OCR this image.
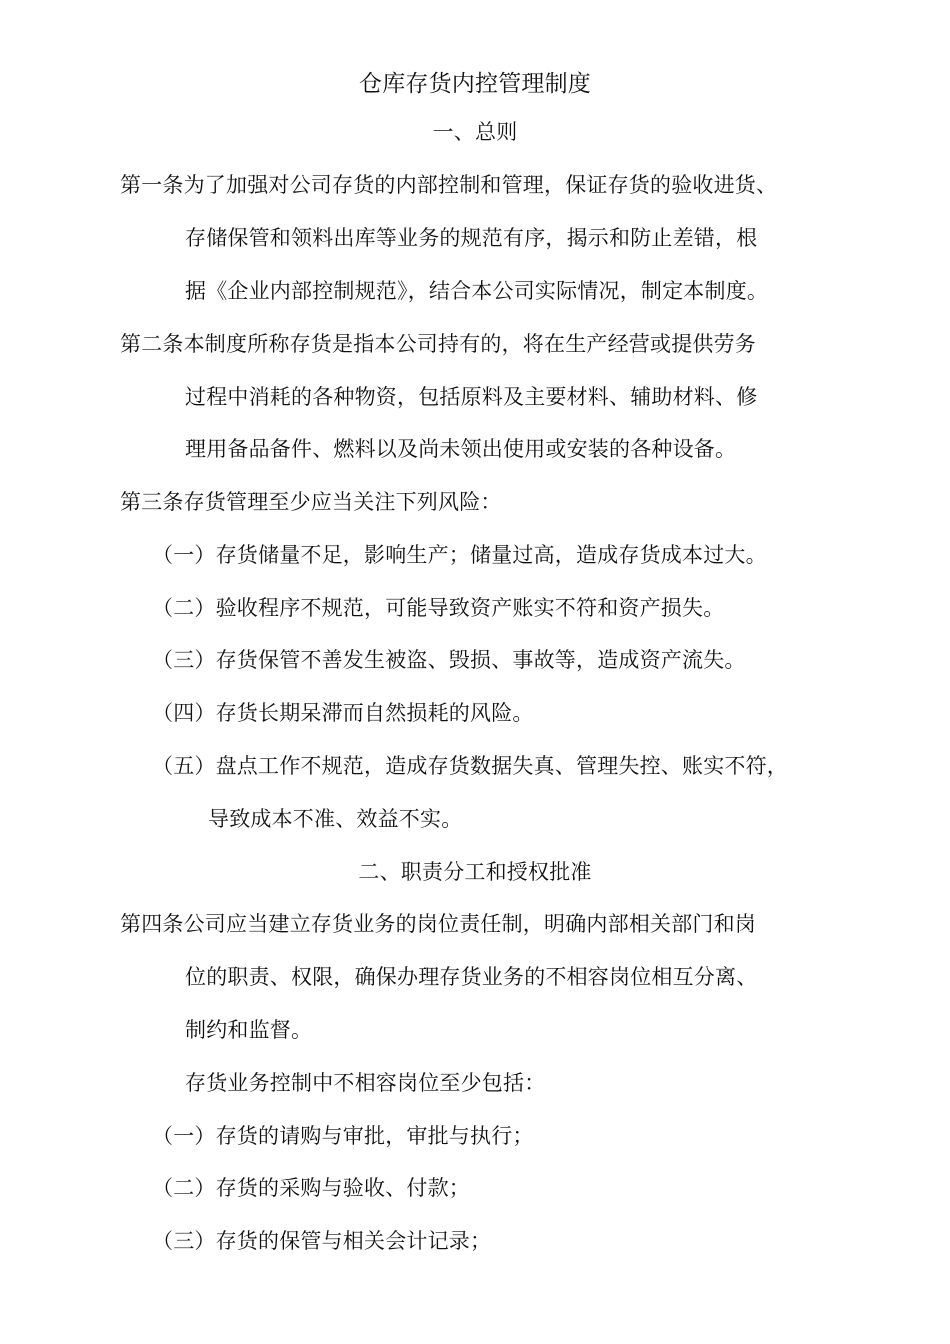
仓库存货内控管理制度
一、总则
第一条为了加强对公司存货的内部控制和管理，保证存货的验收进货、
存储保管和领料出库等业务的规范有序，揭示和防止差错，根
据《企业内部控制规范》，结合本公司实际情况，制定本制度。
第二条本制度所称存货是指本公司持有的，将在生产经营或提供劳务
过程中消耗的各种物资，包括原料及主要材料、辅助材料、修
理用备品备件、燃料以及尚未领出使用或安装的各种设备。
第三条存货管理至少应当关注下列风险：
（一）存货储量不足，影响生产；储量过高，造成存货成本过大。
（二）验收程序不规范，可能导致资产账实不符和资产损失。
（三）存货保管不善发生被盗、毁损、事故等，造成资产流失。
（四）存货长期呆滞而自然损耗的风险。
（五）盘点工作不规范，造成存货数据失真、管理失控、账实不符，
导致成本不准、效益不实。
二、职责分工和授权批准
第四条公司应当建立存货业务的岗位责任制，明确内部相关部门和岗
位的职责、权限，确保办理存货业务的不相容岗位相互分离、
制约和监督。
存货业务控制中不相容岗位至少包括：
（一）存货的请购与审批，审批与执行；
（二）存货的采购与验收、付款；
（三）存货的保管与相关会计记录；
